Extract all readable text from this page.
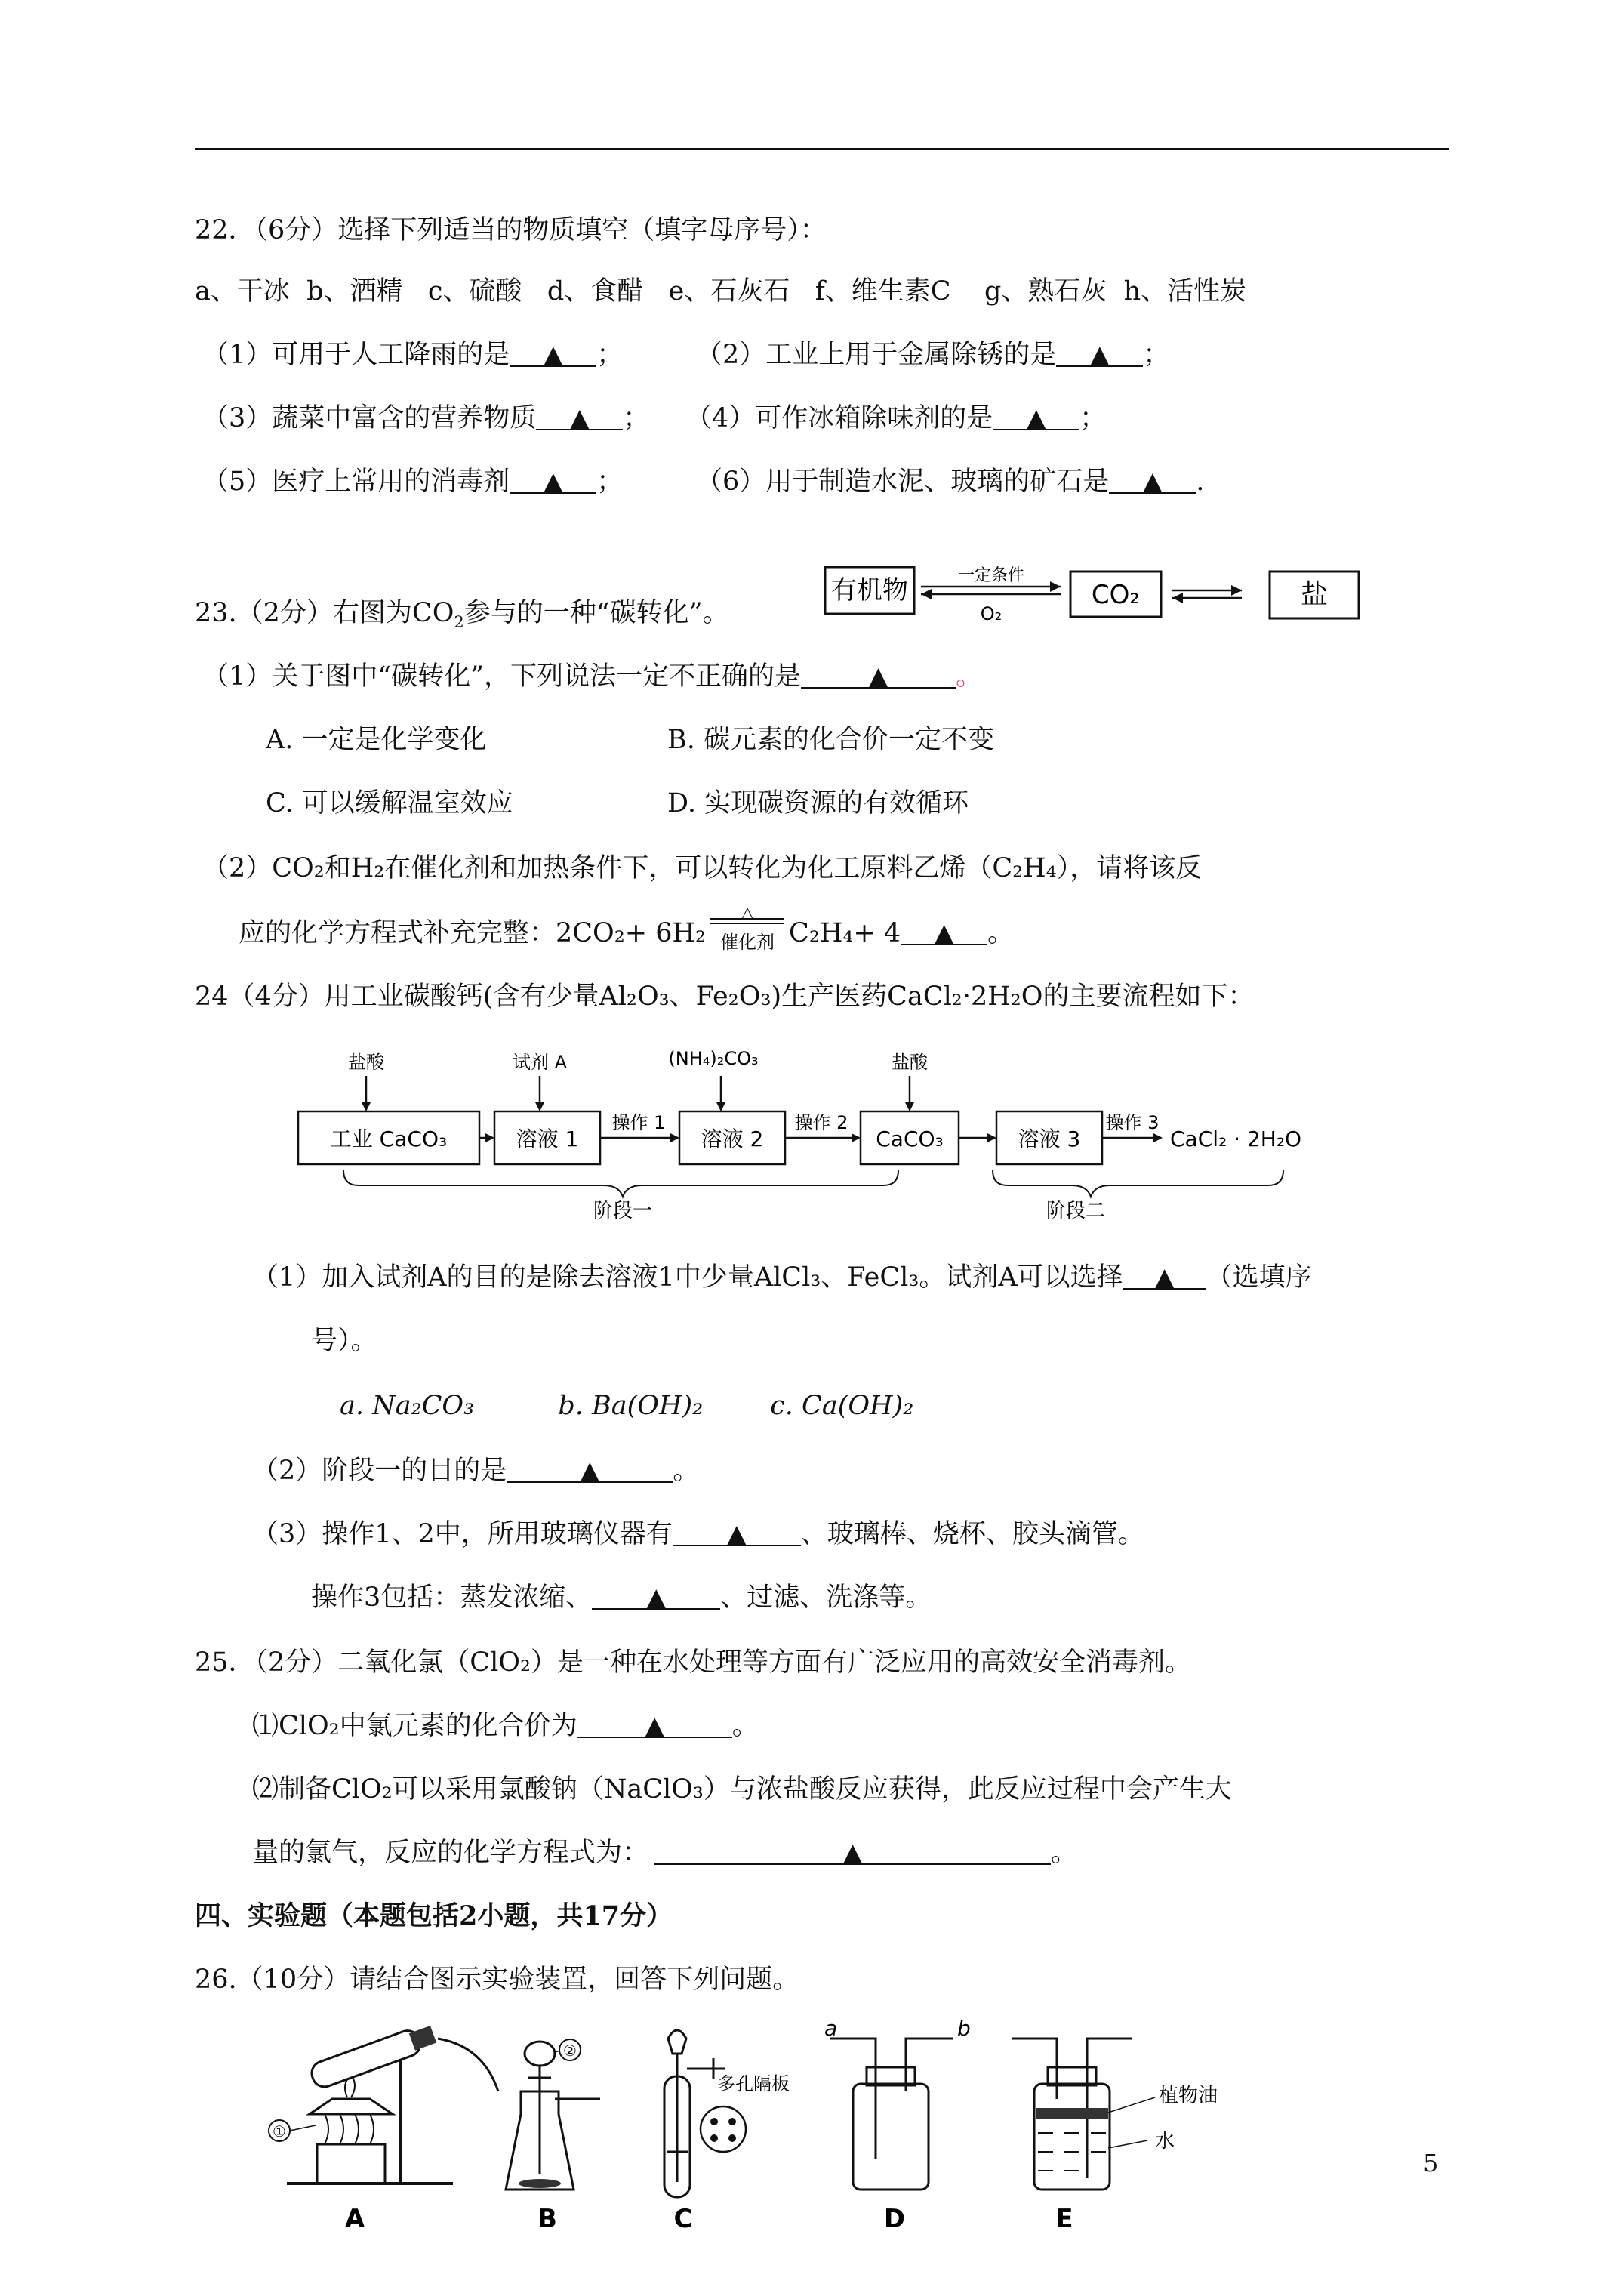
22．（6分）选择下列适当的物质填空（填字母序号）：
a、干冰  b、酒精   c、硫酸   d、食醋   e、石灰石   f、维生素C    g、熟石灰  h、活性炭
（1）可用于人工降雨的是 ▲ ；	（2）工业上用于金属除锈的是 ▲ ；
（3）蔬菜中富含的营养物质 ▲ ； （4）可作冰箱除味剂的是 ▲ ；
（5）医疗上常用的消毒剂 ▲ ；	（6）用于制造水泥、玻璃的矿石是 ▲ .
23.（2分）右图为$CO_2$参与的一种“碳转化”。
有机物	一定条件
O₂
CO₂	盐
（1）关于图中“碳转化”，下列说法一定不正确的是	▲	。
A. 一定是化学变化	B. 碳元素的化合价一定不变
C. 可以缓解温室效应	D. 实现碳资源的有效循环
（2）CO₂和H₂在催化剂和加热条件下，可以转化为化工原料乙烯（C₂H₄），请将该反
应的化学方程式补充完整：2CO₂+ 6H₂
△
催化剂 C₂H₄+ 4 ▲ 。
24（4分）用工业碳酸钙(含有少量Al₂O₃、Fe₂O₃)生产医药CaCl₂·2H₂O的主要流程如下：
工业 CaCO₃	溶液 1	溶液 2	CaCO₃	溶液 3	CaCl₂ · 2H₂O
操作 1	操作 2	操作 3
盐酸	试剂 A	(NH₄)₂CO₃	盐酸
阶段一	阶段二
（1）加入试剂A的目的是除去溶液1中少量AlCl₃、FeCl₃。试剂A可以选择 ▲ （选填序
号）。
a. Na₂CO₃          b. Ba(OH)₂        c. Ca(OH)₂
（2）阶段一的目的是	▲	。
（3）操作1、2中，所用玻璃仪器有 ▲ 、玻璃棒、烧杯、胶头滴管。
操作3包括：蒸发浓缩、 ▲ 、过滤、洗涤等。
25．（2分）二氧化氯（ClO₂）是一种在水处理等方面有广泛应用的高效安全消毒剂。
⑴ClO₂中氯元素的化合价为	▲	。
⑵制备ClO₂可以采用氯酸钠（NaClO₃）与浓盐酸反应获得，此反应过程中会产生大
量的氯气，反应的化学方程式为：	▲	。
四、实验题（本题包括2小题，共17分）
26.（10分）请结合图示实验装置，回答下列问题。
①
②
多孔隔板
a	b
植物油
水
A	B	C	D	E
5
